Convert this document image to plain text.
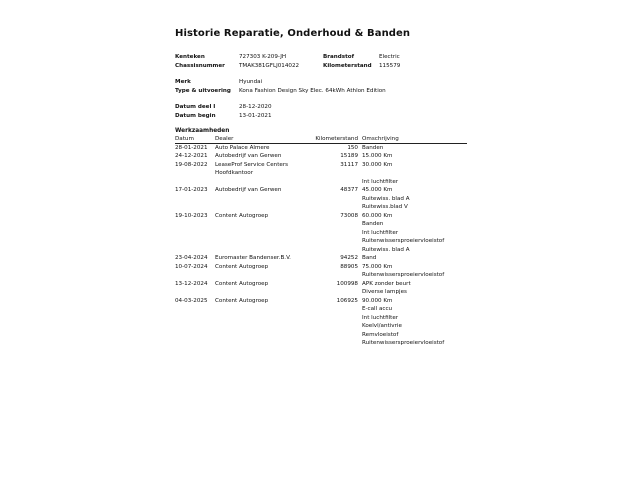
Historie Reparatie, Onderhoud & Banden
Kenteken	727303 K-209-JH	Brandstof	Electric
Chassisnummer	TMAK381GFLJ014022	Kilometerstand	115579
Merk	Hyundai
Type & uitvoering	Kona Fashion Design Sky Elec. 64kWh Athlon Edition
Datum deel I	28-12-2020
Datum begin	13-01-2021
Werkzaamheden
Datum	Dealer	Kilometerstand Omschrijving
28-01-2021	Auto Palace Almere	150 Banden
24-12-2021	Autobedrijf van Gerwen	15189 15.000 Km
19-08-2022	LeaseProf Service Centers
Hoofdkantoor
31117 30.000 Km
Int luchtfilter
17-01-2023	Autobedrijf van Gerwen	48377 45.000 Km
Ruitewiss. blad A
Ruitewiss.blad V
19-10-2023	Content Autogroep	73008 60.000 Km
Banden
Int luchtfilter
Ruitenwissersproeiervloeistof
Ruitewiss. blad A
23-04-2024	Euromaster Bandenser.B.V.	94252 Band
10-07-2024	Content Autogroep	88905 75.000 Km
Ruitenwissersproeiervloeistof
13-12-2024	Content Autogroep	100998 APK zonder beurt
Diverse lampjes
04-03-2025	Content Autogroep	106925 90.000 Km
E-call accu
Int luchtfilter
Koelvl/antivrie
Remvloeistof
Ruitenwissersproeiervloeistof
